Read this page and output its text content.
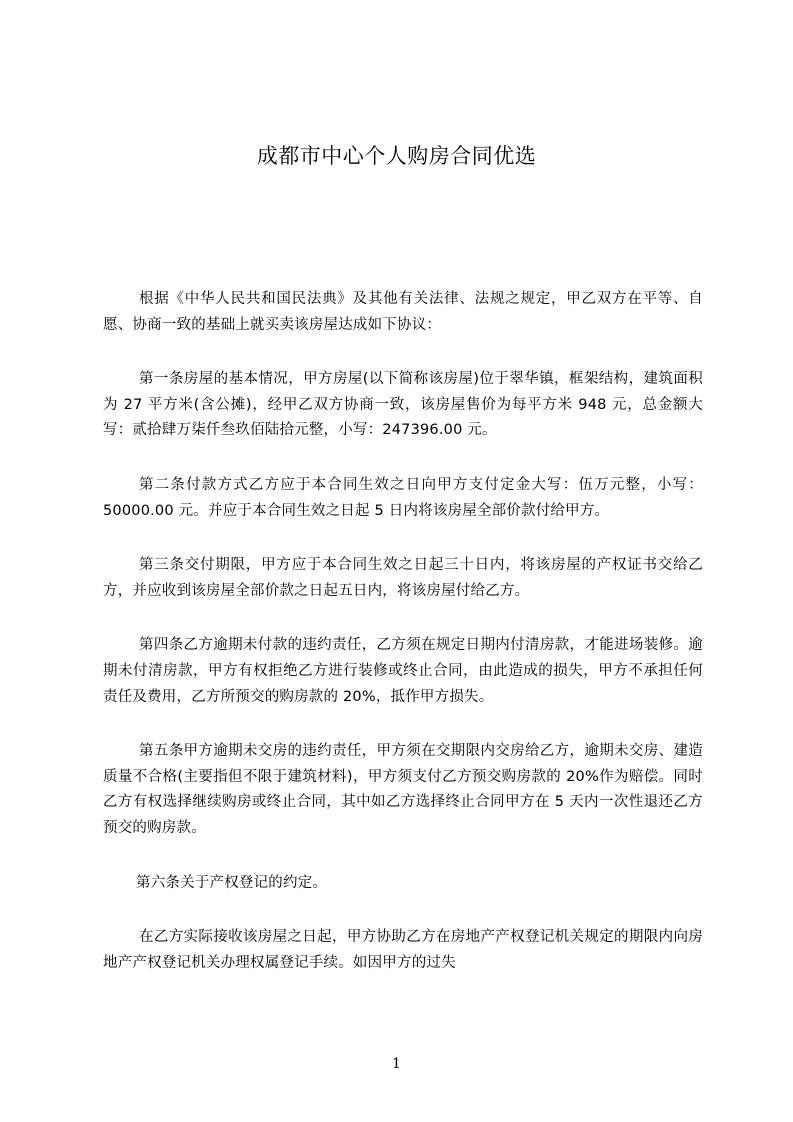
成都市中心个人购房合同优选

根据《中华人民共和国民法典》及其他有关法律、法规之规定，甲乙双方在平等、自愿、协商一致的基础上就买卖该房屋达成如下协议：

第一条房屋的基本情况，甲方房屋(以下简称该房屋)位于翠华镇，框架结构，建筑面积为 27 平方米(含公摊)，经甲乙双方协商一致，该房屋售价为每平方米 948 元，总金额大写：贰拾肆万柒仟叁玖佰陆拾元整，小写：247396.00 元。

第二条付款方式乙方应于本合同生效之日向甲方支付定金大写：伍万元整，小写：50000.00 元。并应于本合同生效之日起 5 日内将该房屋全部价款付给甲方。

第三条交付期限，甲方应于本合同生效之日起三十日内，将该房屋的产权证书交给乙方，并应收到该房屋全部价款之日起五日内，将该房屋付给乙方。

第四条乙方逾期未付款的违约责任，乙方须在规定日期内付清房款，才能进场装修。逾期未付清房款，甲方有权拒绝乙方进行装修或终止合同，由此造成的损失，甲方不承担任何责任及费用，乙方所预交的购房款的 20%，抵作甲方损失。

第五条甲方逾期未交房的违约责任，甲方须在交期限内交房给乙方，逾期未交房、建造质量不合格(主要指但不限于建筑材料)，甲方须支付乙方预交购房款的 20%作为赔偿。同时乙方有权选择继续购房或终止合同，其中如乙方选择终止合同甲方在 5 天内一次性退还乙方预交的购房款。

第六条关于产权登记的约定。

在乙方实际接收该房屋之日起，甲方协助乙方在房地产产权登记机关规定的期限内向房地产产权登记机关办理权属登记手续。如因甲方的过失

1
